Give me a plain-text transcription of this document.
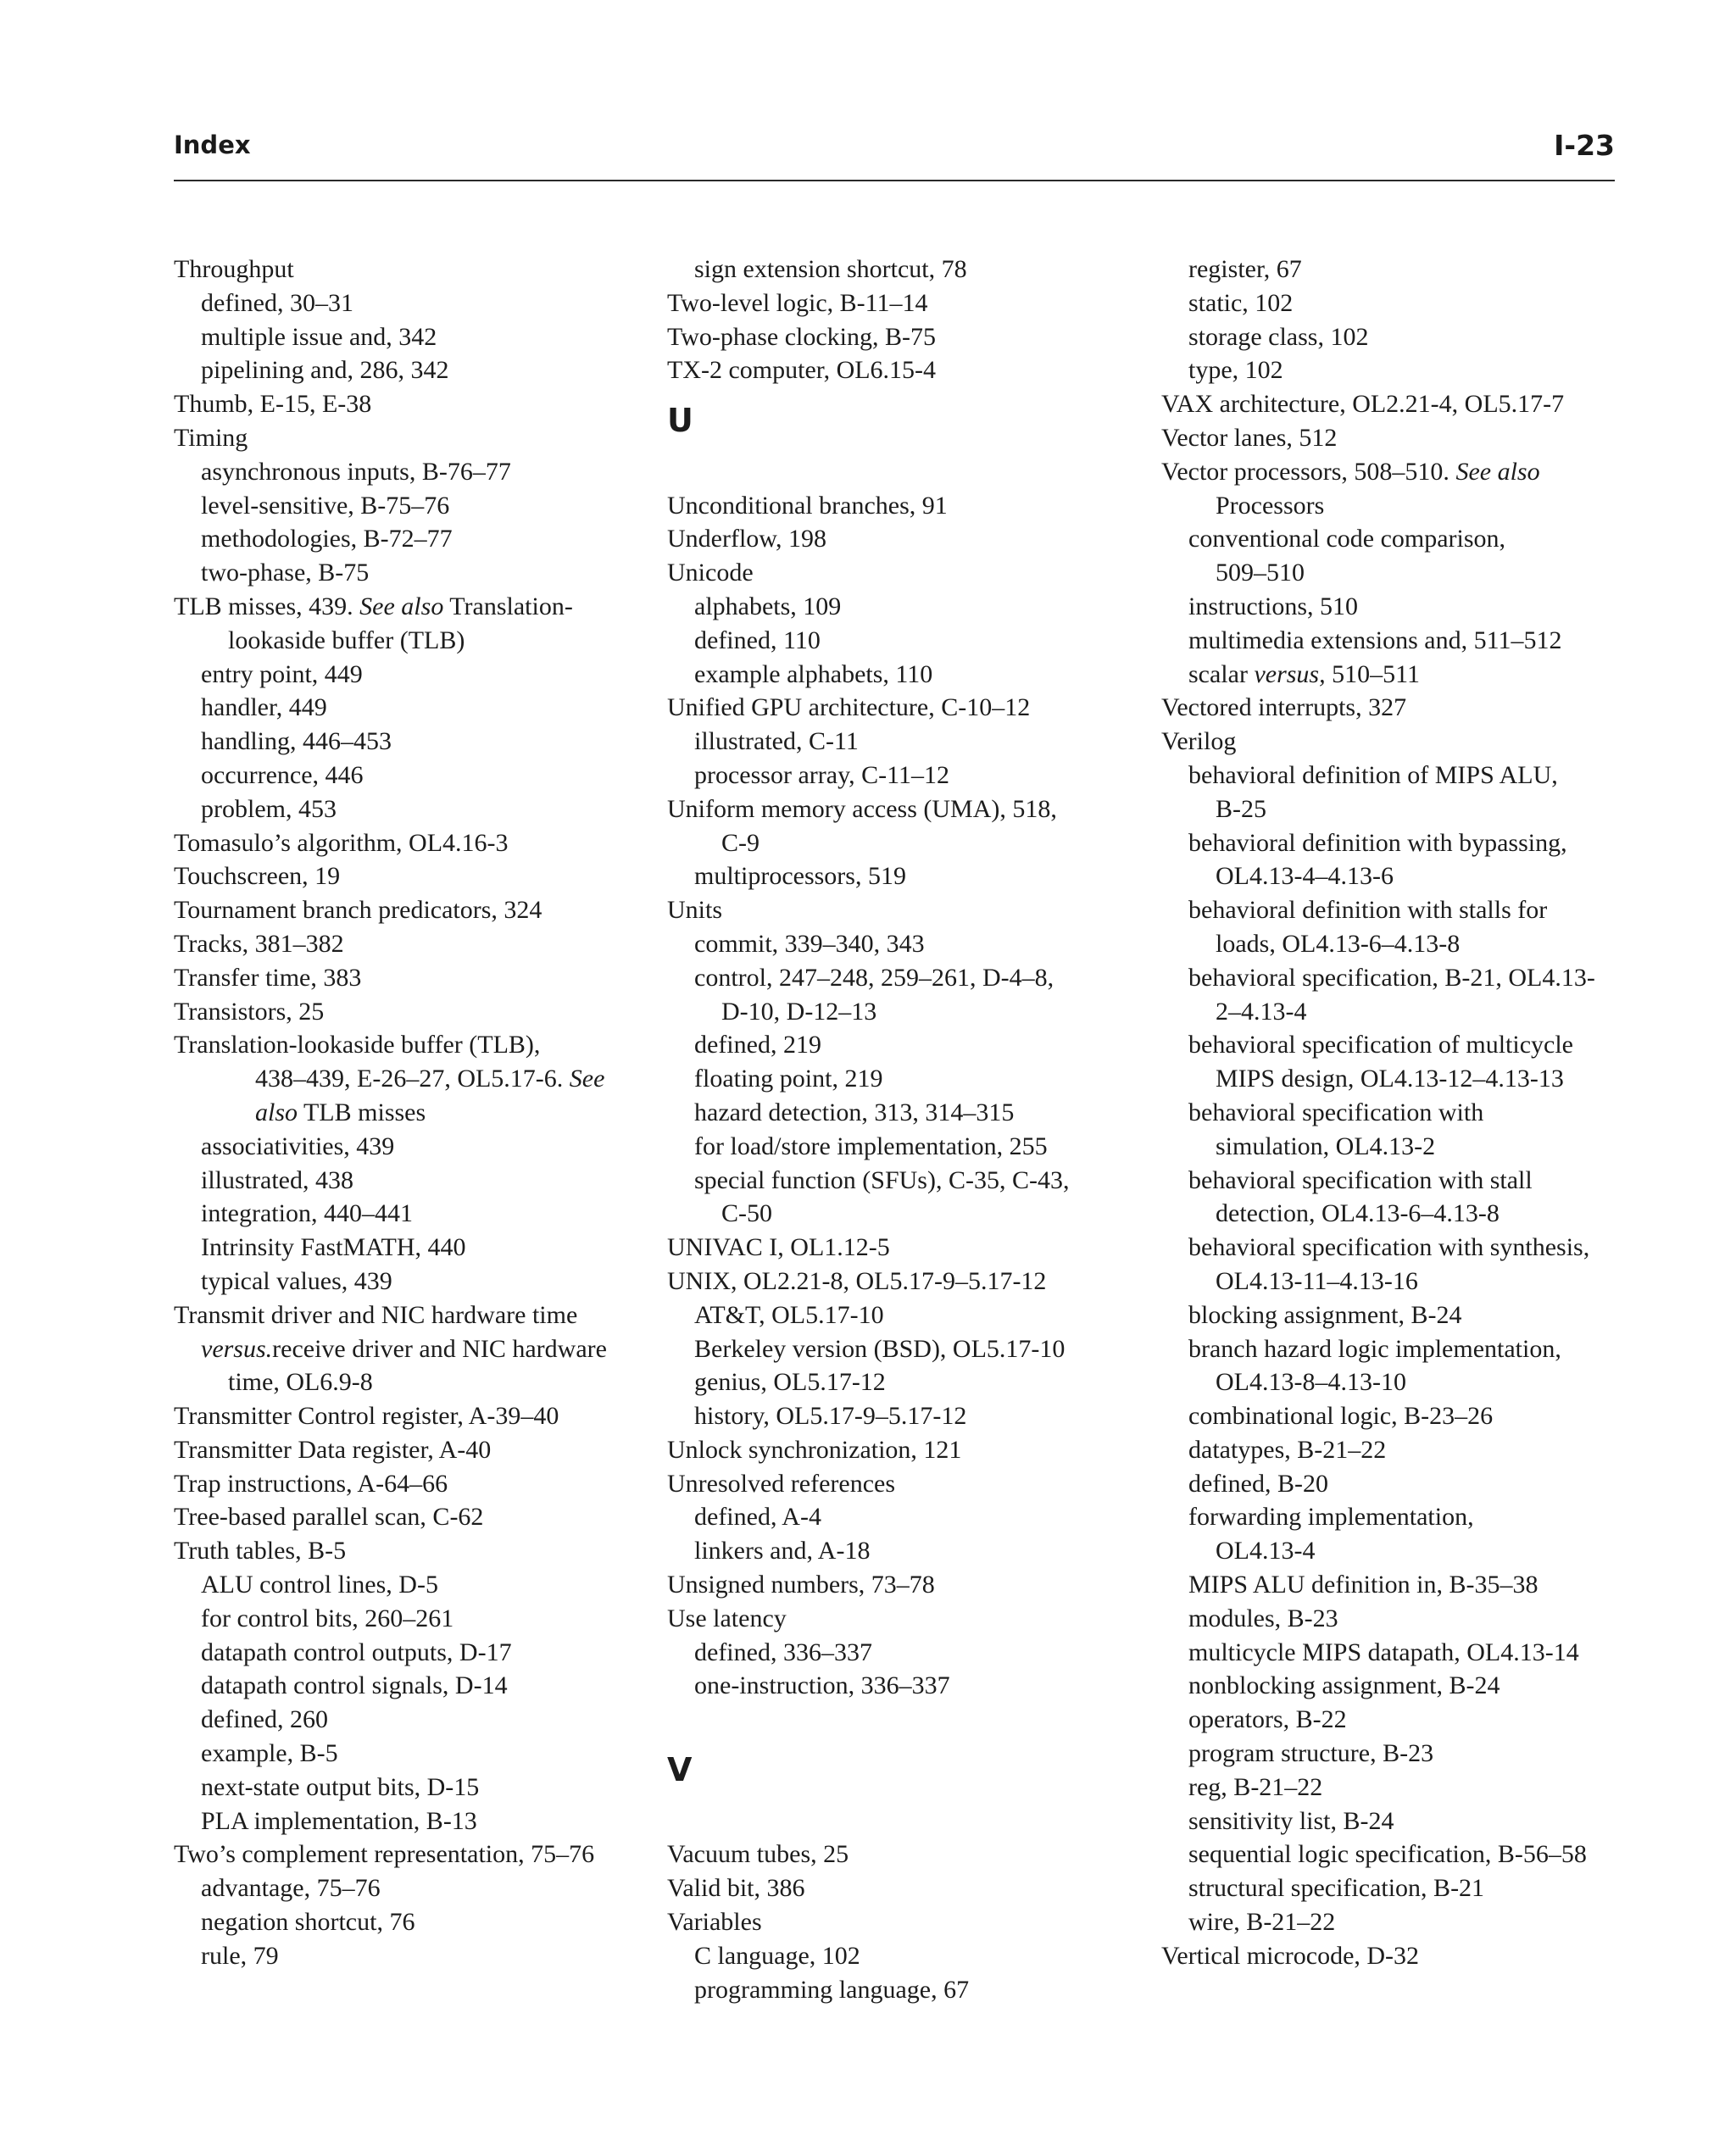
Index	I-23
Throughput
defined, 30–31
multiple issue and, 342
pipelining and, 286, 342
Thumb, E-15, E-38
Timing
asynchronous inputs, B-76–77
level-sensitive, B-75–76
methodologies, B-72–77
two-phase, B-75
TLB misses, 439. See also Translation-
lookaside buffer (TLB)
entry point, 449
handler, 449
handling, 446–453
occurrence, 446
problem, 453
Tomasulo’s algorithm, OL4.16-3
Touchscreen, 19
Tournament branch predicators, 324
Tracks, 381–382
Transfer time, 383
Transistors, 25
Translation-lookaside buffer (TLB),
438–439, E-26–27, OL5.17-6. See
also TLB misses
associativities, 439
illustrated, 438
integration, 440–441
Intrinsity FastMATH, 440
typical values, 439
Transmit driver and NIC hardware time
versus.receive driver and NIC hardware
time, OL6.9-8
Transmitter Control register, A-39–40
Transmitter Data register, A-40
Trap instructions, A-64–66
Tree-based parallel scan, C-62
Truth tables, B-5
ALU control lines, D-5
for control bits, 260–261
datapath control outputs, D-17
datapath control signals, D-14
defined, 260
example, B-5
next-state output bits, D-15
PLA implementation, B-13
Two’s complement representation, 75–76
advantage, 75–76
negation shortcut, 76
rule, 79
sign extension shortcut, 78
Two-level logic, B-11–14
Two-phase clocking, B-75
TX-2 computer, OL6.15-4
U
Unconditional branches, 91
Underflow, 198
Unicode
alphabets, 109
defined, 110
example alphabets, 110
Unified GPU architecture, C-10–12
illustrated, C-11
processor array, C-11–12
Uniform memory access (UMA), 518,
C-9
multiprocessors, 519
Units
commit, 339–340, 343
control, 247–248, 259–261, D-4–8,
D-10, D-12–13
defined, 219
floating point, 219
hazard detection, 313, 314–315
for load/store implementation, 255
special function (SFUs), C-35, C-43,
C-50
UNIVAC I, OL1.12-5
UNIX, OL2.21-8, OL5.17-9–5.17-12
AT&T, OL5.17-10
Berkeley version (BSD), OL5.17-10
genius, OL5.17-12
history, OL5.17-9–5.17-12
Unlock synchronization, 121
Unresolved references
defined, A-4
linkers and, A-18
Unsigned numbers, 73–78
Use latency
defined, 336–337
one-instruction, 336–337
V
Vacuum tubes, 25
Valid bit, 386
Variables
C language, 102
programming language, 67
register, 67
static, 102
storage class, 102
type, 102
VAX architecture, OL2.21-4, OL5.17-7
Vector lanes, 512
Vector processors, 508–510. See also
Processors
conventional code comparison,
509–510
instructions, 510
multimedia extensions and, 511–512
scalar versus, 510–511
Vectored interrupts, 327
Verilog
behavioral definition of MIPS ALU,
B-25
behavioral definition with bypassing,
OL4.13-4–4.13-6
behavioral definition with stalls for
loads, OL4.13-6–4.13-8
behavioral specification, B-21, OL4.13-
2–4.13-4
behavioral specification of multicycle
MIPS design, OL4.13-12–4.13-13
behavioral specification with
simulation, OL4.13-2
behavioral specification with stall
detection, OL4.13-6–4.13-8
behavioral specification with synthesis,
OL4.13-11–4.13-16
blocking assignment, B-24
branch hazard logic implementation,
OL4.13-8–4.13-10
combinational logic, B-23–26
datatypes, B-21–22
defined, B-20
forwarding implementation,
OL4.13-4
MIPS ALU definition in, B-35–38
modules, B-23
multicycle MIPS datapath, OL4.13-14
nonblocking assignment, B-24
operators, B-22
program structure, B-23
reg, B-21–22
sensitivity list, B-24
sequential logic specification, B-56–58
structural specification, B-21
wire, B-21–22
Vertical microcode, D-32
